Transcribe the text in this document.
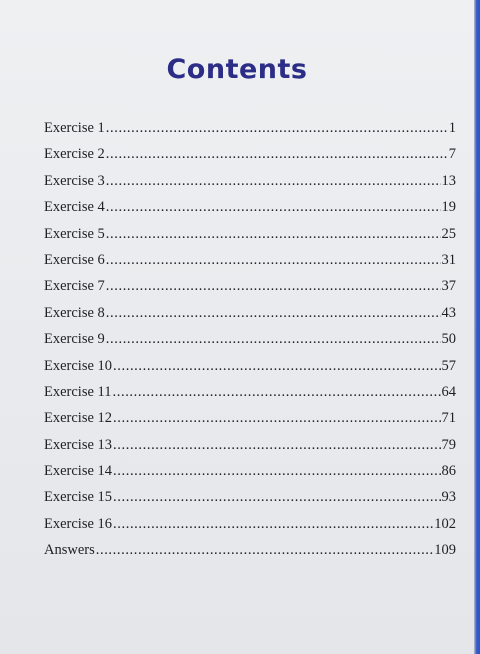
Contents
Exercise 1 .....	1
Exercise 2 .....	7
Exercise 3 .....	13
Exercise 4 .....	19
Exercise 5 .....	25
Exercise 6 .....	31
Exercise 7 .....	37
Exercise 8 .....	43
Exercise 9 .....	50
Exercise 10 .....	57
Exercise 11 .....	64
Exercise 12 .....	71
Exercise 13 .....	79
Exercise 14 .....	86
Exercise 15 .....	93
Exercise 16 .....	102
Answers .....	109
